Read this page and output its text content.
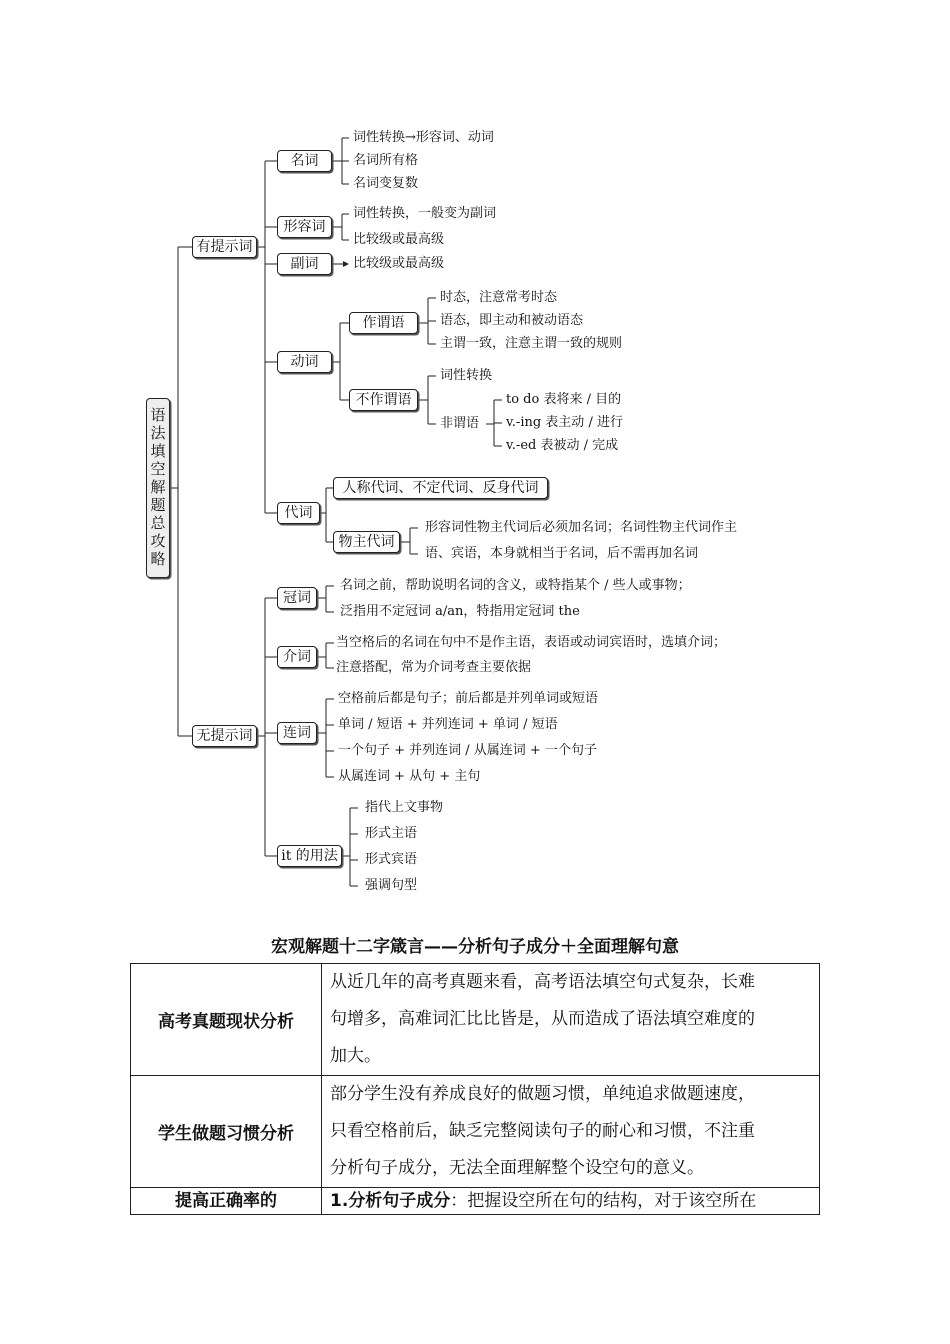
语法填空解题总攻略
有提示词
无提示词
名词
词性转换→形容词、动词
名词所有格
名词变复数
形容词
词性转换，一般变为副词
比较级或最高级
副词	比较级或最高级
动词
作谓语
时态，注意常考时态
语态，即主动和被动语态
主谓一致，注意主谓一致的规则
不作谓语
词性转换
非谓语
to do 表将来 / 目的
v.-ing 表主动 / 进行
v.-ed 表被动 / 完成
代词
人称代词、不定代词、反身代词
物主代词
形容词性物主代词后必须加名词；名词性物主代词作主
语、宾语，本身就相当于名词，后不需再加名词
冠词
名词之前，帮助说明名词的含义，或特指某个 / 些人或事物；
泛指用不定冠词 a/an，特指用定冠词 the
介词
当空格后的名词在句中不是作主语，表语或动词宾语时，选填介词；
注意搭配，常为介词考查主要依据
连词
空格前后都是句子；前后都是并列单词或短语
单词 / 短语 + 并列连词 + 单词 / 短语
一个句子 + 并列连词 / 从属连词 + 一个句子
从属连词 + 从句 + 主句
it 的用法
指代上文事物
形式主语
形式宾语
强调句型
宏观解题十二字箴言——分析句子成分＋全面理解句意
高考真题现状分析	从近几年的高考真题来看，高考语法填空句式复杂，长难
句增多，高难词汇比比皆是，从而造成了语法填空难度的
加大。

学生做题习惯分析	部分学生没有养成良好的做题习惯，单纯追求做题速度，
只看空格前后，缺乏完整阅读句子的耐心和习惯，不注重
分析句子成分，无法全面理解整个设空句的意义。

提高正确率的	1.分析句子成分：把握设空所在句的结构，对于该空所在
